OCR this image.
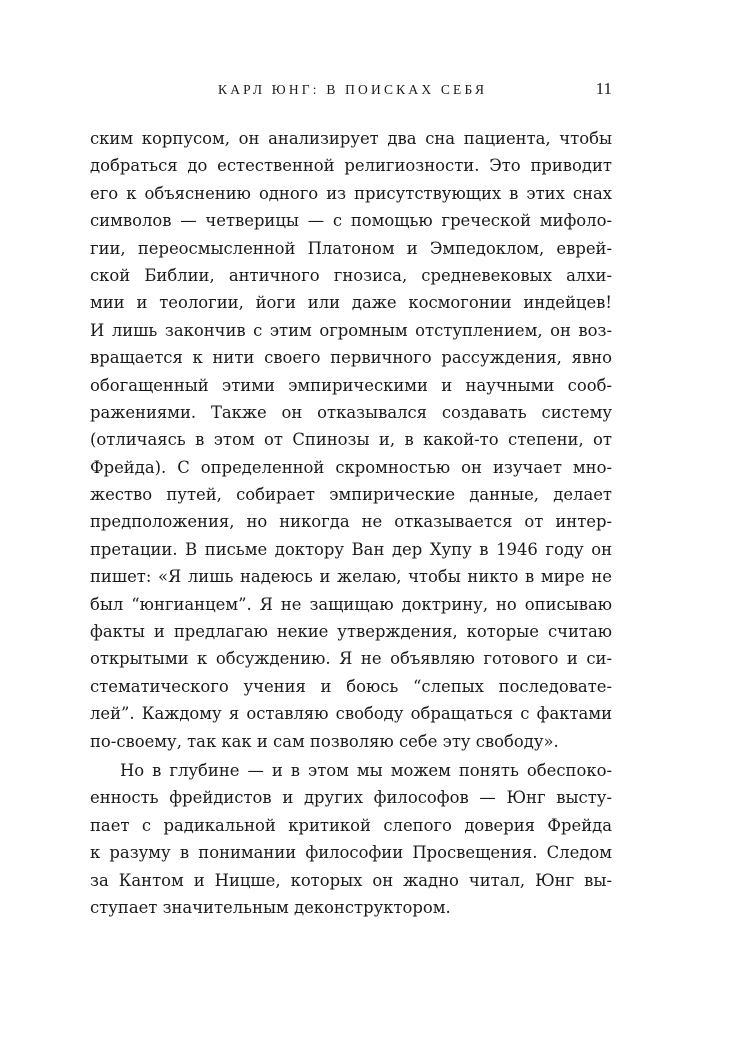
КАРЛ ЮНГ: В ПОИСКАХ СЕБЯ	11
ским корпусом, он анализирует два сна пациента, чтобы
добраться до естественной религиозности. Это приводит
его к объяснению одного из присутствующих в этих снах
символов — четверицы — с помощью греческой мифоло-
гии, переосмысленной Платоном и Эмпедоклом, еврей-
ской Библии, античного гнозиса, средневековых алхи-
мии и теологии, йоги или даже космогонии индейцев!
И лишь закончив с этим огромным отступлением, он воз-
вращается к нити своего первичного рассуждения, явно
обогащенный этими эмпирическими и научными сооб-
ражениями. Также он отказывался создавать систему
(отличаясь в этом от Спинозы и, в какой-то степени, от
Фрейда). С определенной скромностью он изучает мно-
жество путей, собирает эмпирические данные, делает
предположения, но никогда не отказывается от интер-
претации. В письме доктору Ван дер Хупу в 1946 году он
пишет: «Я лишь надеюсь и желаю, чтобы никто в мире не
был “юнгианцем”. Я не защищаю доктрину, но описываю
факты и предлагаю некие утверждения, которые считаю
открытыми к обсуждению. Я не объявляю готового и си-
стематического учения и боюсь “слепых последовате-
лей”. Каждому я оставляю свободу обращаться с фактами
по-своему, так как и сам позволяю себе эту свободу».
Но в глубине — и в этом мы можем понять обеспоко-
енность фрейдистов и других философов — Юнг высту-
пает с радикальной критикой слепого доверия Фрейда
к разуму в понимании философии Просвещения. Следом
за Кантом и Ницше, которых он жадно читал, Юнг вы-
ступает значительным деконструктором.
